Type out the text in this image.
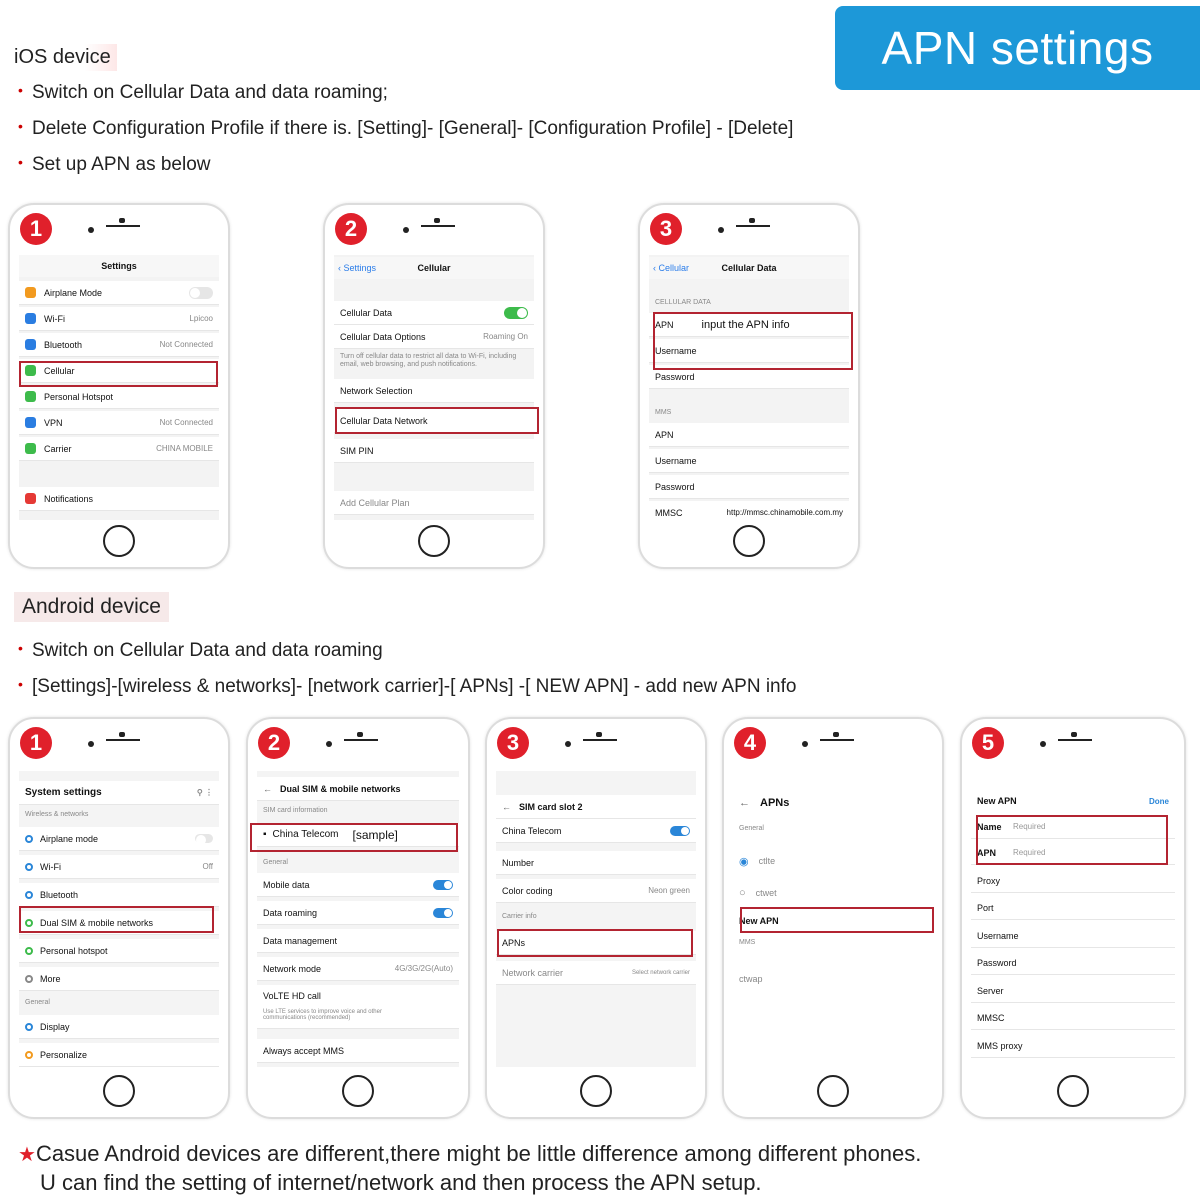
APN settings
iOS device
• Switch on Cellular Data and data roaming;
• Delete Configuration Profile if there is. [Setting]- [General]- [Configuration Profile] - [Delete]
• Set up APN as below
1
Settings
Airplane Mode
Wi-Fi	Lpicoo
Bluetooth	Not Connected
Cellular
Personal Hotspot
VPN	Not Connected
Carrier	CHINA MOBILE
Notifications
2
‹ Settings	Cellular
Cellular Data
Cellular Data Options	Roaming On
Turn off cellular data to restrict all data to Wi-Fi, including email, web browsing, and push notifications.
Network Selection
Cellular Data Network
SIM PIN
Add Cellular Plan
3
‹ Cellular	Cellular Data
CELLULAR DATA
APN	input the APN info
Username
Password
MMS
APN
Username
Password
MMSC	http://mmsc.chinamobile.com.my
Android device
• Switch on Cellular Data and data roaming
• [Settings]-[wireless & networks]- [network carrier]-[ APNs] -[ NEW APN] - add new APN info
1
System settings	⚲ ⋮
Wireless & networks
Airplane mode
Wi-Fi	Off
Bluetooth
Dual SIM & mobile networks
Personal hotspot
More
General
Display
Personalize
2
← Dual SIM & mobile networks
SIM card information
▪ China Telecom [sample]
General
Mobile data
Data roaming
Data management
Network mode	4G/3G/2G(Auto)
VoLTE HD call
Use LTE services to improve voice and other communications (recommended)
Always accept MMS
3
← SIM card slot 2
China Telecom
Number
Color coding	Neon green
Carrier info
APNs
Network carrier	Select network carrier
4
← APNs
General
◉ ctlte
○ ctwet
New APN
MMS
ctwap
5
New APN	Done
Name	Required
APN	Required
Proxy
Port
Username
Password
Server
MMSC
MMS proxy
★Casue Android devices are different,there might be little difference among different phones.
U can find the setting of internet/network and then process the APN setup.
